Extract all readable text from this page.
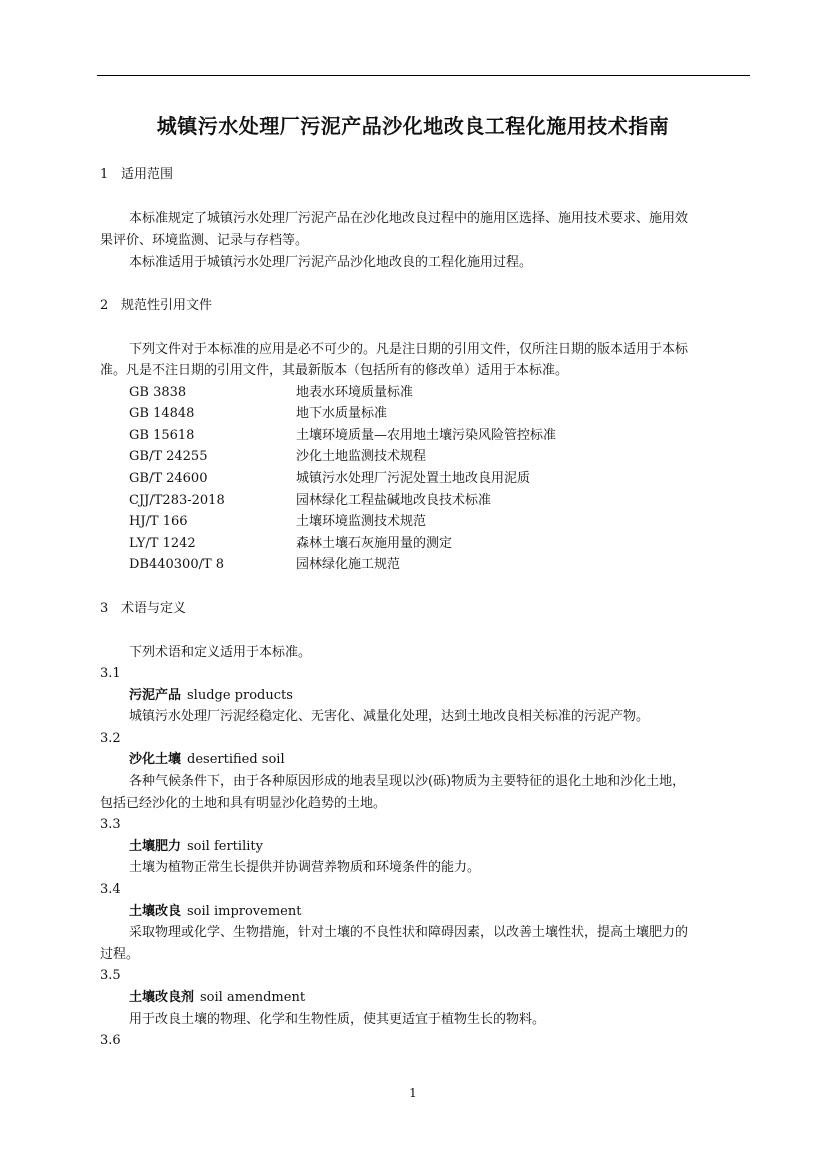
城镇污水处理厂污泥产品沙化地改良工程化施用技术指南
1 适用范围
本标准规定了城镇污水处理厂污泥产品在沙化地改良过程中的施用区选择、施用技术要求、施用效
果评价、环境监测、记录与存档等。
本标准适用于城镇污水处理厂污泥产品沙化地改良的工程化施用过程。
2 规范性引用文件
下列文件对于本标准的应用是必不可少的。凡是注日期的引用文件，仅所注日期的版本适用于本标
准。凡是不注日期的引用文件，其最新版本（包括所有的修改单）适用于本标准。
GB 3838	地表水环境质量标准
GB 14848	地下水质量标准
GB 15618	土壤环境质量—农用地土壤污染风险管控标准
GB/T 24255	沙化土地监测技术规程
GB/T 24600	城镇污水处理厂污泥处置土地改良用泥质
CJJ/T283-2018	园林绿化工程盐碱地改良技术标准
HJ/T 166	土壤环境监测技术规范
LY/T 1242	森林土壤石灰施用量的测定
DB440300/T 8	园林绿化施工规范
3 术语与定义
下列术语和定义适用于本标准。
3.1
污泥产品 sludge products
城镇污水处理厂污泥经稳定化、无害化、减量化处理，达到土地改良相关标准的污泥产物。
3.2
沙化土壤 desertified soil
各种气候条件下，由于各种原因形成的地表呈现以沙(砾)物质为主要特征的退化土地和沙化土地，
包括已经沙化的土地和具有明显沙化趋势的土地。
3.3
土壤肥力 soil fertility
土壤为植物正常生长提供并协调营养物质和环境条件的能力。
3.4
土壤改良 soil improvement
采取物理或化学、生物措施，针对土壤的不良性状和障碍因素，以改善土壤性状，提高土壤肥力的
过程。
3.5
土壤改良剂 soil amendment
用于改良土壤的物理、化学和生物性质，使其更适宜于植物生长的物料。
3.6
1
